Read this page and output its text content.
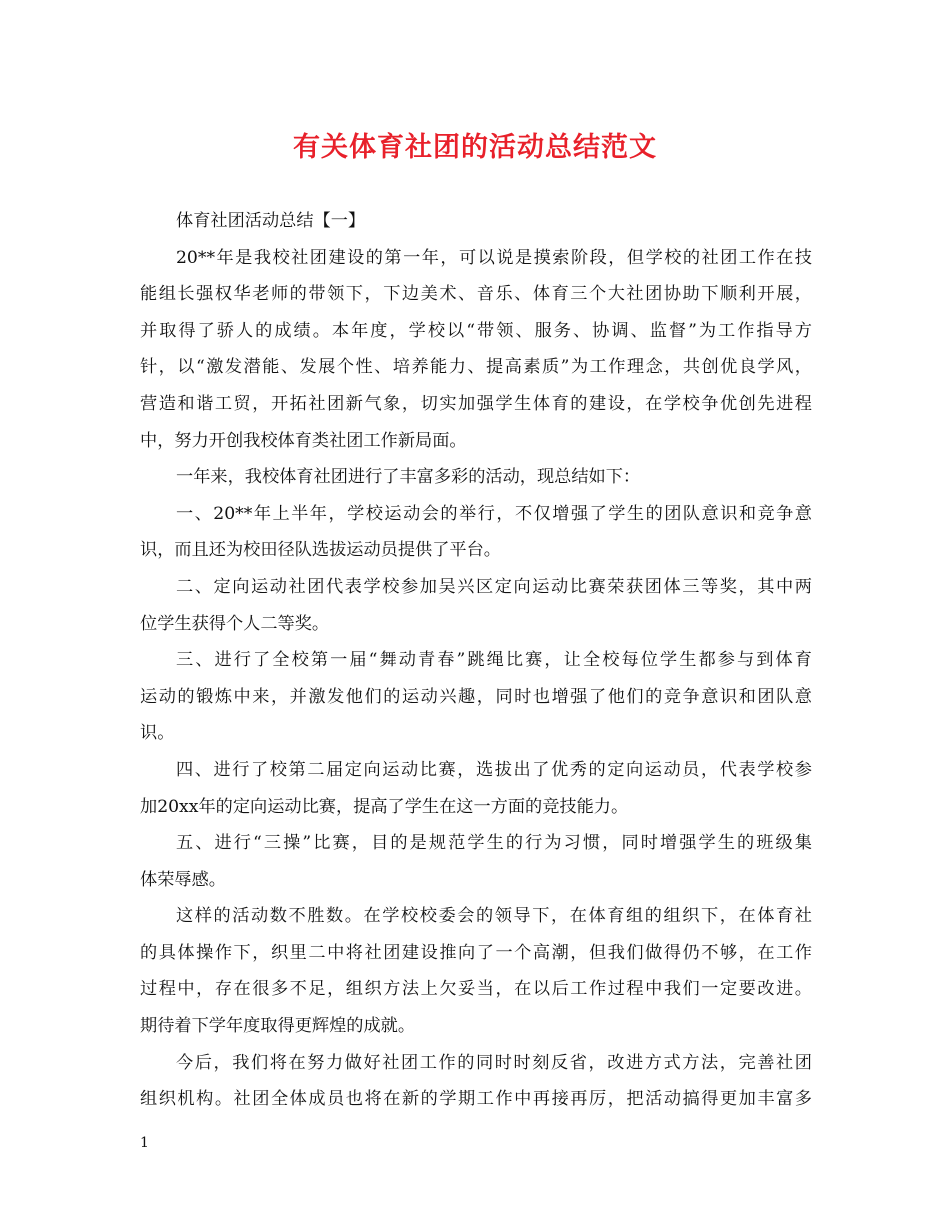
有关体育社团的活动总结范文
体育社团活动总结【一】
20**年是我校社团建设的第一年，可以说是摸索阶段，但学校的社团工作在技
能组长强权华老师的带领下，下边美术、音乐、体育三个大社团协助下顺利开展，
并取得了骄人的成绩。本年度，学校以“带领、服务、协调、监督”为工作指导方
针，以“激发潜能、发展个性、培养能力、提高素质”为工作理念，共创优良学风，
营造和谐工贸，开拓社团新气象，切实加强学生体育的建设，在学校争优创先进程
中，努力开创我校体育类社团工作新局面。
一年来，我校体育社团进行了丰富多彩的活动，现总结如下：
一、20**年上半年，学校运动会的举行，不仅增强了学生的团队意识和竞争意
识，而且还为校田径队选拔运动员提供了平台。
二、定向运动社团代表学校参加吴兴区定向运动比赛荣获团体三等奖，其中两
位学生获得个人二等奖。
三、进行了全校第一届“舞动青春”跳绳比赛，让全校每位学生都参与到体育
运动的锻炼中来，并激发他们的运动兴趣，同时也增强了他们的竞争意识和团队意
识。
四、进行了校第二届定向运动比赛，选拔出了优秀的定向运动员，代表学校参
加20xx年的定向运动比赛，提高了学生在这一方面的竞技能力。
五、进行“三操”比赛，目的是规范学生的行为习惯，同时增强学生的班级集
体荣辱感。
这样的活动数不胜数。在学校校委会的领导下，在体育组的组织下，在体育社
的具体操作下，织里二中将社团建设推向了一个高潮，但我们做得仍不够，在工作
过程中，存在很多不足，组织方法上欠妥当，在以后工作过程中我们一定要改进。
期待着下学年度取得更辉煌的成就。
今后，我们将在努力做好社团工作的同时时刻反省，改进方式方法，完善社团
组织机构。社团全体成员也将在新的学期工作中再接再厉，把活动搞得更加丰富多
1
